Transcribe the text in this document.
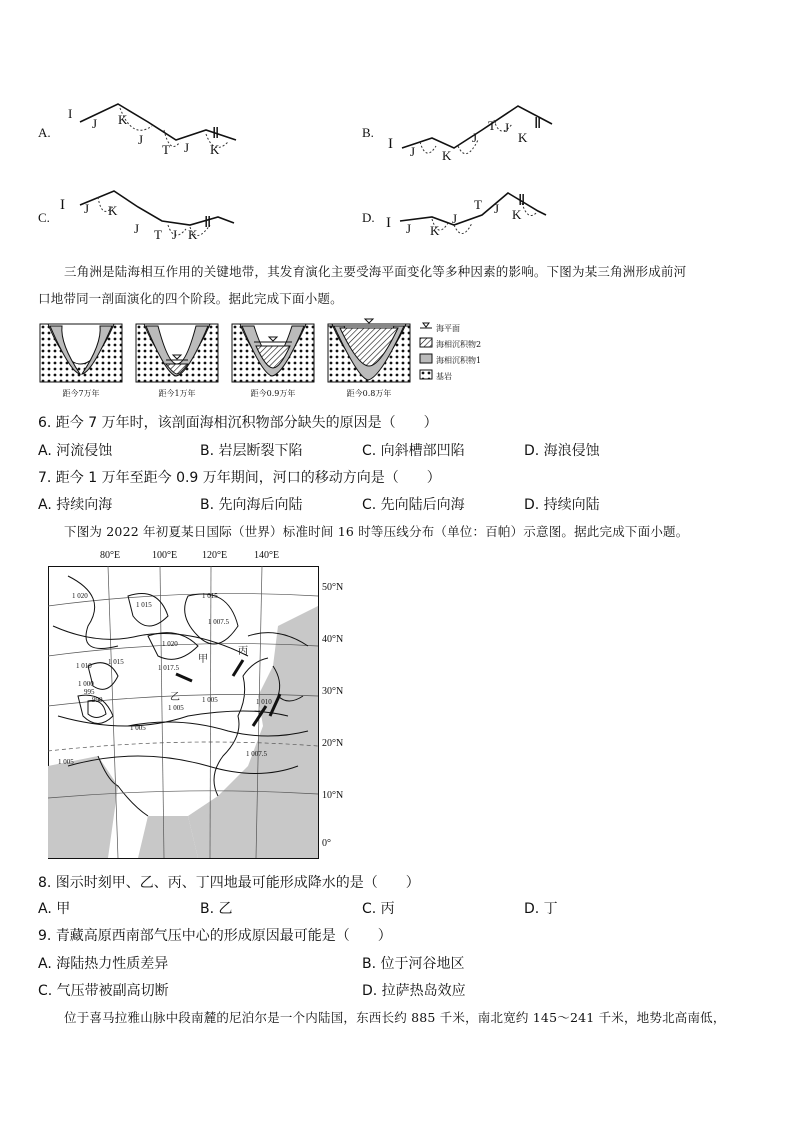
A.
I
J K
J
T J K
Ⅱ	B.
I J K
J
T J
K
Ⅱ
C.
I J K
J T J K
Ⅱ	D. I J K
J
T J K
Ⅱ
三角洲是陆海相互作用的关键地带，其发育演化主要受海平面变化等多种因素的影响。下图为某三角洲形成前河
口地带同一剖面演化的四个阶段。据此完成下面小题。
距今7万年	距今1万年	距今0.9万年	距今0.8万年
海平面
海相沉积物2
海相沉积物1
基岩
6. 距今 7 万年时，该剖面海相沉积物部分缺失的原因是（　　）
A. 河流侵蚀	B. 岩层断裂下陷	C. 向斜槽部凹陷	D. 海浪侵蚀
7. 距今 1 万年至距今 0.9 万年期间，河口的移动方向是（　　）
A. 持续向海	B. 先向海后向陆	C. 先向陆后向海	D. 持续向陆
下图为 2022 年初夏某日国际（世界）标准时间 16 时等压线分布（单位：百帕）示意图。据此完成下面小题。
80°E	100°E 120°E	140°E
50°N
40°N
30°N
20°N
10°N
0°
1 020
1 015
1 015
1 007.5
1 020
1 010 1 015
1 017.5
1 000
995
990
1 005
1 005	1 010
1 005
1 007.5
1 005
甲
乙
丙
丁
8. 图示时刻甲、乙、丙、丁四地最可能形成降水的是（　　）
A. 甲	B. 乙	C. 丙	D. 丁
9. 青藏高原西南部气压中心的形成原因最可能是（　　）
A. 海陆热力性质差异	B. 位于河谷地区
C. 气压带被副高切断	D. 拉萨热岛效应
位于喜马拉雅山脉中段南麓的尼泊尔是一个内陆国，东西长约 885 千米，南北宽约 145～241 千米，地势北高南低，
